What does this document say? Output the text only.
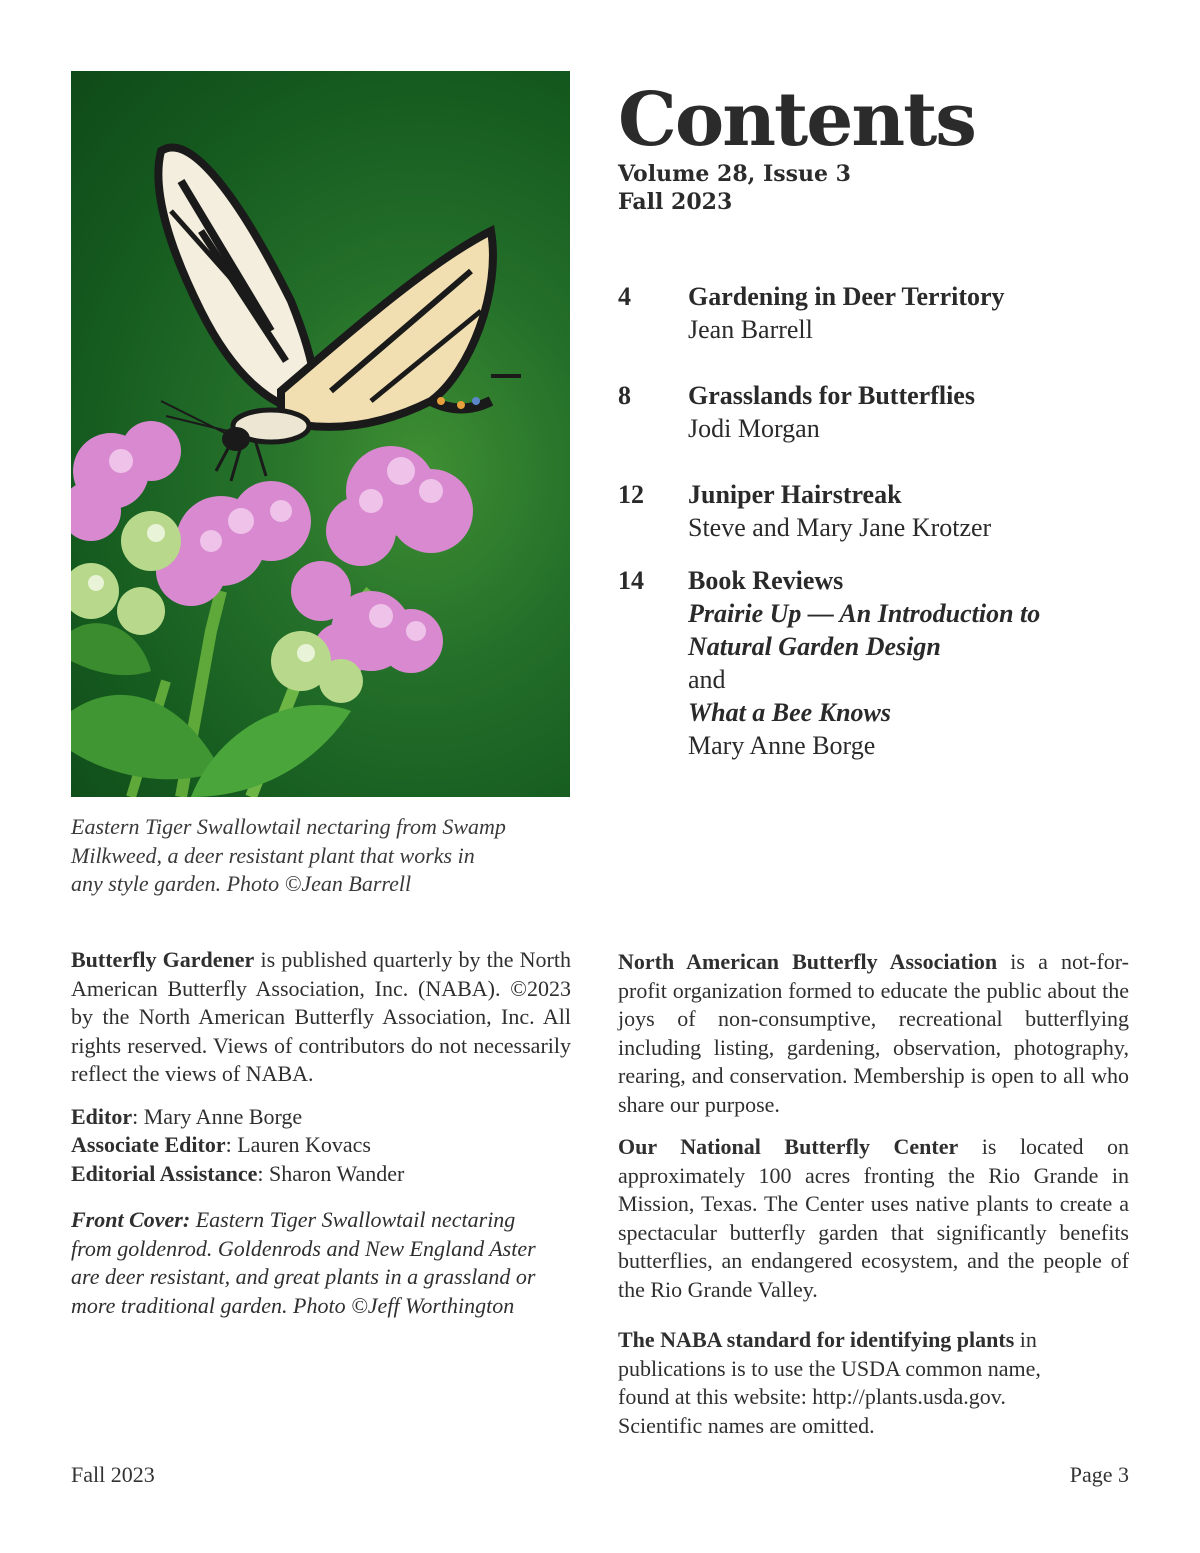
Eastern Tiger Swallowtail nectaring from Swamp
Milkweed, a deer resistant plant that works in
any style garden. Photo ©Jean Barrell
Contents
Volume 28, Issue 3
Fall 2023
4	Gardening in Deer Territory
Jean Barrell
8	Grasslands for Butterflies
Jodi Morgan
12	Juniper Hairstreak
Steve and Mary Jane Krotzer
14	Book Reviews
Prairie Up — An Introduction to
Natural Garden Design
and
What a Bee Knows
Mary Anne Borge

Butterfly Gardener is published quarterly by the North American Butterfly Association, Inc. (NABA). ©2023 by the North American Butterfly Association, Inc. All rights reserved. Views of contributors do not necessarily reflect the views of NABA.

Editor: Mary Anne Borge
Associate Editor: Lauren Kovacs
Editorial Assistance: Sharon Wander
Front Cover: Eastern Tiger Swallowtail nectaring
from goldenrod. Goldenrods and New England Aster
are deer resistant, and great plants in a grassland or
more traditional garden. Photo ©Jeff Worthington

North American Butterfly Association is a not-for-profit organization formed to educate the public about the joys of non-consumptive, recreational butterflying including listing, gardening, observation, photography, rearing, and conservation. Membership is open to all who share our purpose.

Our National Butterfly Center is located on approximately 100 acres fronting the Rio Grande in Mission, Texas. The Center uses native plants to create a spectacular butterfly garden that significantly benefits butterflies, an endangered ecosystem, and the people of the Rio Grande Valley.

The NABA standard for identifying plants in
publications is to use the USDA common name,
found at this website: http://plants.usda.gov.
Scientific names are omitted.
Fall 2023	Page 3
